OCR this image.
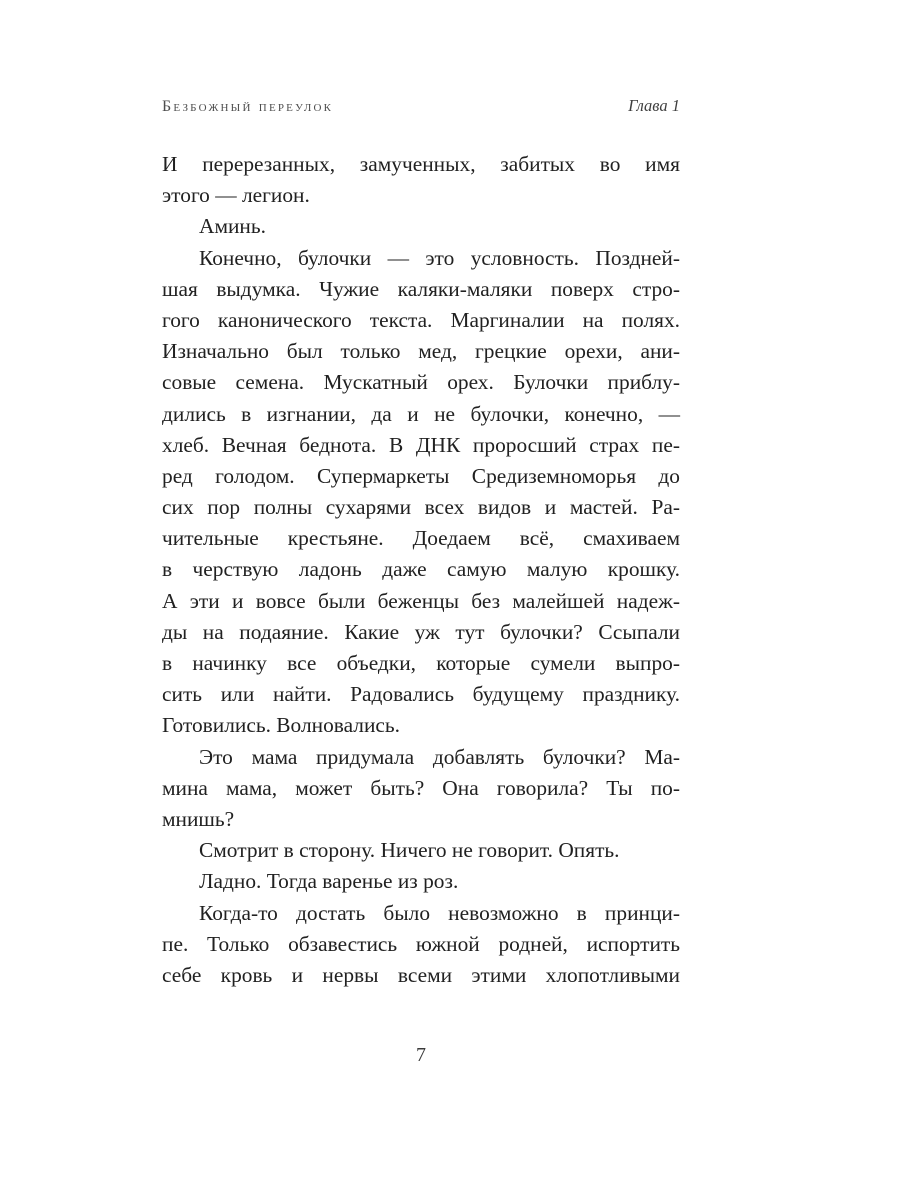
Безбожный переулок	Глава 1
И перерезанных, замученных, забитых во имя
этого — легион.
Аминь.
Конечно, булочки — это условность. Поздней-
шая выдумка. Чужие каляки-маляки поверх стро-
гого канонического текста. Маргиналии на полях.
Изначально был только мед, грецкие орехи, ани-
совые семена. Мускатный орех. Булочки приблу-
дились в изгнании, да и не булочки, конечно, —
хлеб. Вечная беднота. В ДНК проросший страх пе-
ред голодом. Супермаркеты Средиземноморья до
сих пор полны сухарями всех видов и мастей. Ра-
чительные крестьяне. Доедаем всё, смахиваем
в черствую ладонь даже самую малую крошку.
А эти и вовсе были беженцы без малейшей надеж-
ды на подаяние. Какие уж тут булочки? Ссыпали
в начинку все объедки, которые сумели выпро-
сить или найти. Радовались будущему празднику.
Готовились. Волновались.
Это мама придумала добавлять булочки? Ма-
мина мама, может быть? Она говорила? Ты по-
мнишь?
Смотрит в сторону. Ничего не говорит. Опять.
Ладно. Тогда варенье из роз.
Когда-то достать было невозможно в принци-
пе. Только обзавестись южной родней, испортить
себе кровь и нервы всеми этими хлопотливыми
7
